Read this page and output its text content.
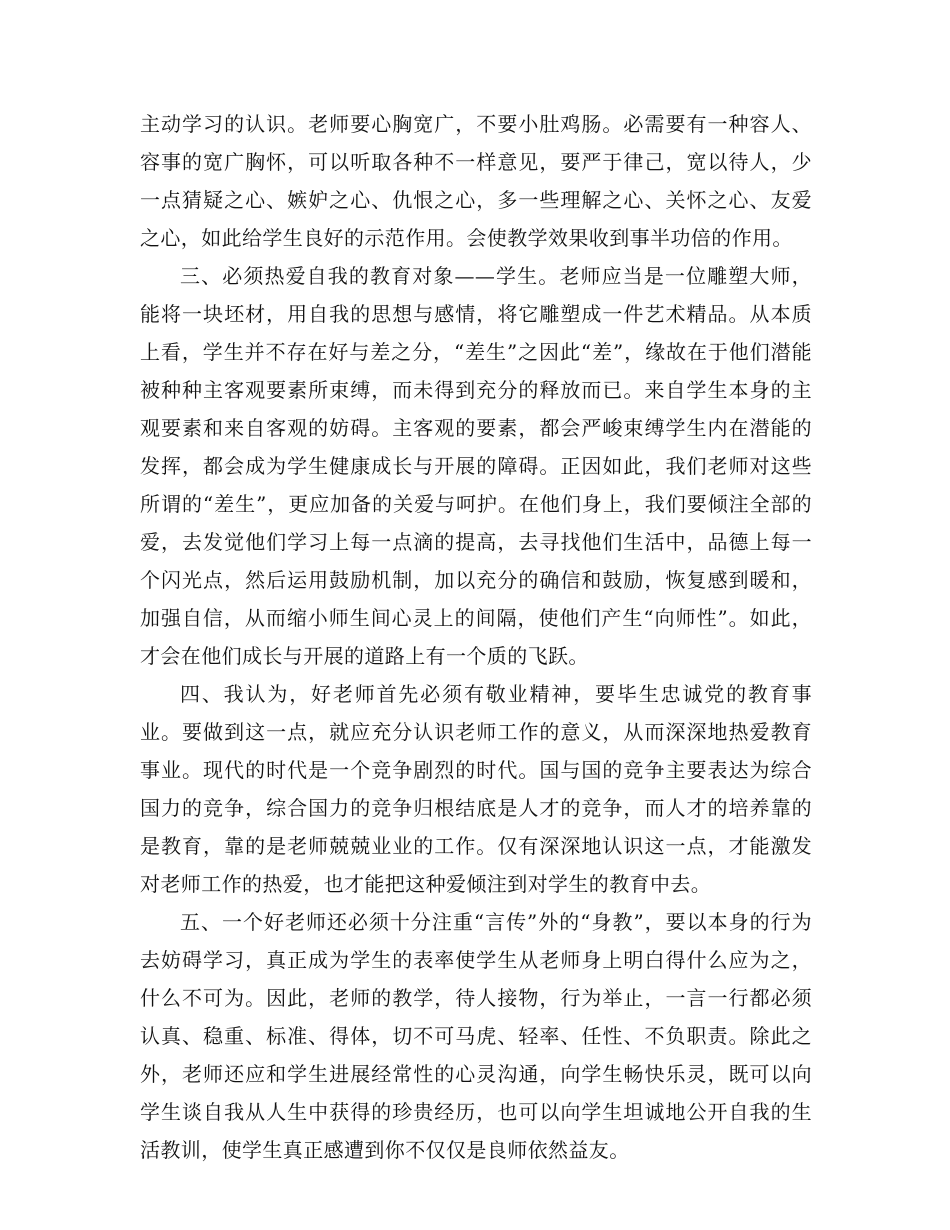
主动学习的认识。老师要心胸宽广，不要小肚鸡肠。必需要有一种容人、容事的宽广胸怀，可以听取各种不一样意见，要严于律己，宽以待人，少一点猜疑之心、嫉妒之心、仇恨之心，多一些理解之心、关怀之心、友爱之心，如此给学生良好的示范作用。会使教学效果收到事半功倍的作用。

三、必须热爱自我的教育对象——学生。老师应当是一位雕塑大师，能将一块坯材，用自我的思想与感情，将它雕塑成一件艺术精品。从本质上看，学生并不存在好与差之分，“差生”之因此“差”，缘故在于他们潜能被种种主客观要素所束缚，而未得到充分的释放而已。来自学生本身的主观要素和来自客观的妨碍。主客观的要素，都会严峻束缚学生内在潜能的发挥，都会成为学生健康成长与开展的障碍。正因如此，我们老师对这些所谓的“差生”，更应加备的关爱与呵护。在他们身上，我们要倾注全部的爱，去发觉他们学习上每一点滴的提高，去寻找他们生活中，品德上每一个闪光点，然后运用鼓励机制，加以充分的确信和鼓励，恢复感到暖和，加强自信，从而缩小师生间心灵上的间隔，使他们产生“向师性”。如此，才会在他们成长与开展的道路上有一个质的飞跃。

四、我认为，好老师首先必须有敬业精神，要毕生忠诚党的教育事业。要做到这一点，就应充分认识老师工作的意义，从而深深地热爱教育事业。现代的时代是一个竞争剧烈的时代。国与国的竞争主要表达为综合国力的竞争，综合国力的竞争归根结底是人才的竞争，而人才的培养靠的是教育，靠的是老师兢兢业业的工作。仅有深深地认识这一点，才能激发对老师工作的热爱，也才能把这种爱倾注到对学生的教育中去。

五、一个好老师还必须十分注重“言传”外的“身教”，要以本身的行为去妨碍学习，真正成为学生的表率使学生从老师身上明白得什么应为之，什么不可为。因此，老师的教学，待人接物，行为举止，一言一行都必须认真、稳重、标准、得体，切不可马虎、轻率、任性、不负职责。除此之外，老师还应和学生进展经常性的心灵沟通，向学生畅快乐灵，既可以向学生谈自我从人生中获得的珍贵经历，也可以向学生坦诚地公开自我的生活教训，使学生真正感遭到你不仅仅是良师依然益友。
